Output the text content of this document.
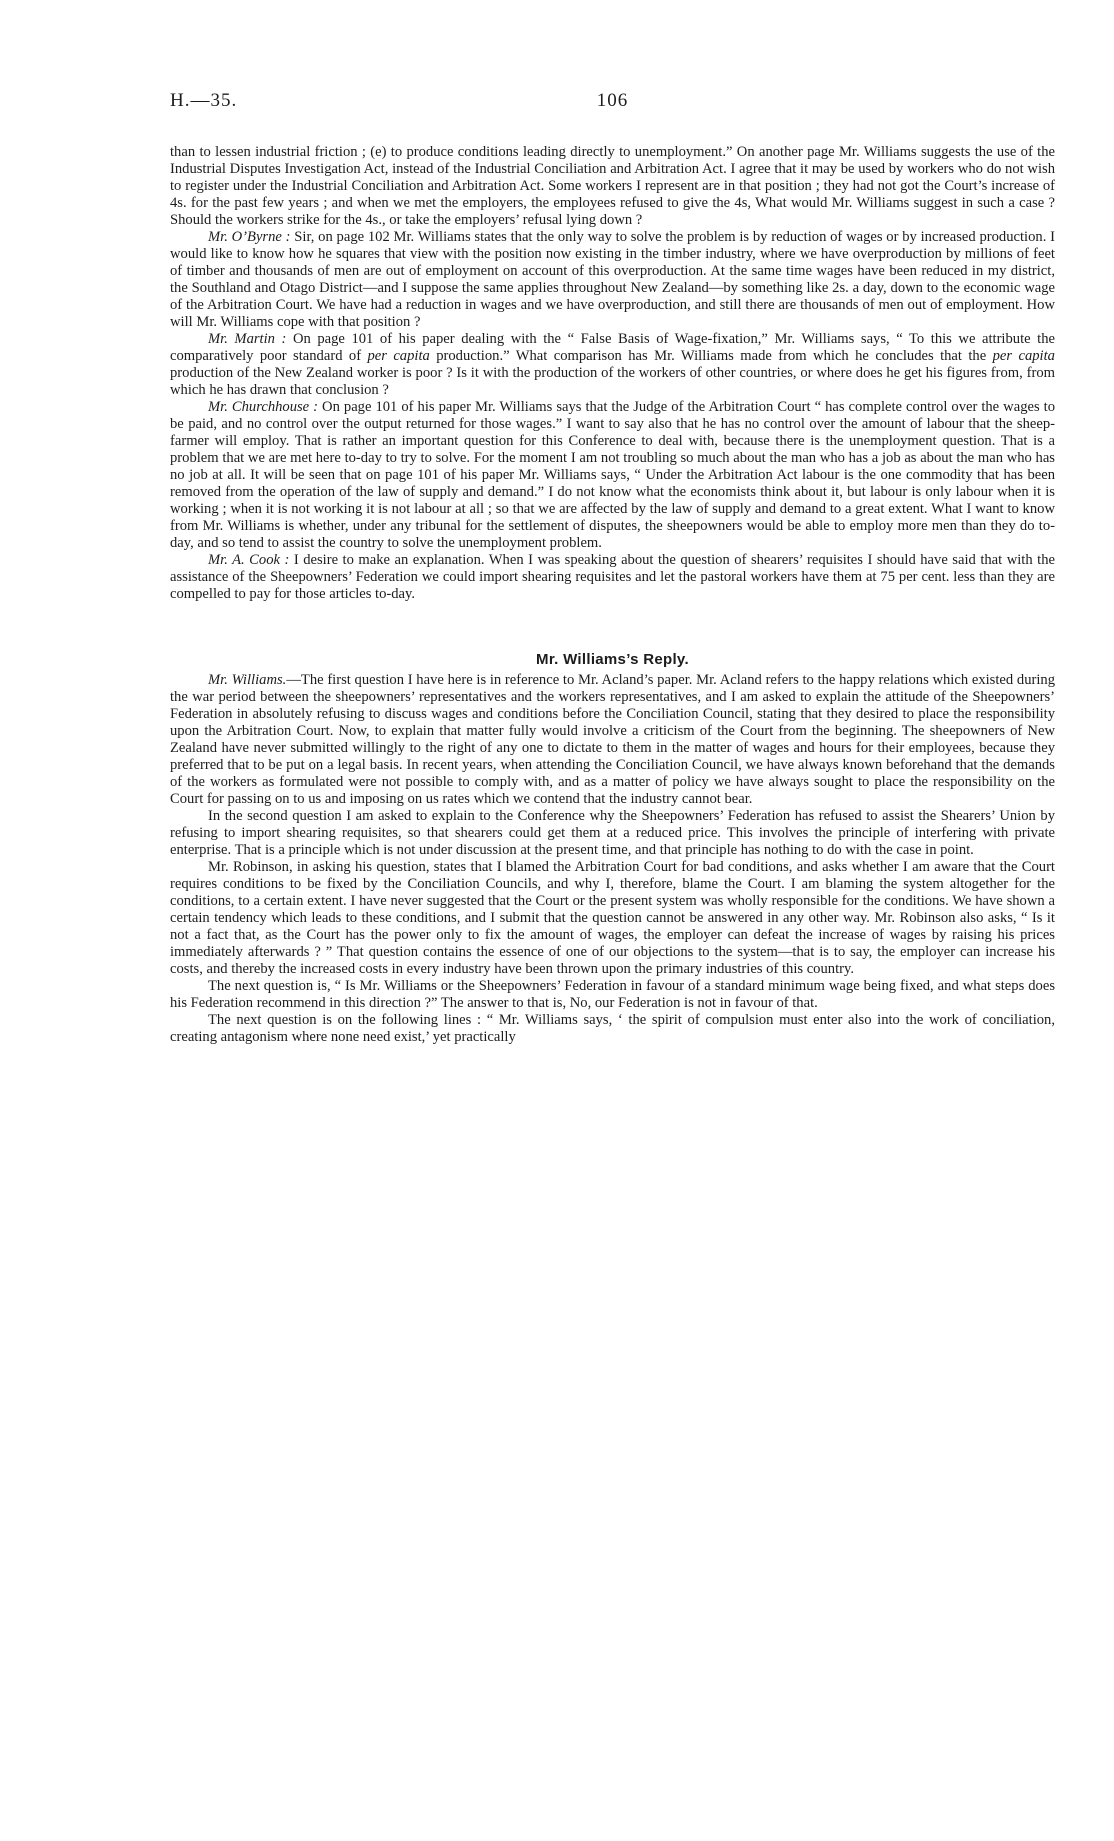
H.—35.	106

than to lessen industrial friction ; (e) to produce conditions leading directly to unemployment.” On another page Mr. Williams suggests the use of the Industrial Disputes Investigation Act, instead of the Industrial Conciliation and Arbitration Act. I agree that it may be used by workers who do not wish to register under the Industrial Conciliation and Arbitration Act. Some workers I represent are in that position ; they had not got the Court’s increase of 4s. for the past few years ; and when we met the employers, the employees refused to give the 4s, What would Mr. Williams suggest in such a case ? Should the workers strike for the 4s., or take the employers’ refusal lying down ?

Mr. O’Byrne : Sir, on page 102 Mr. Williams states that the only way to solve the problem is by reduction of wages or by increased production. I would like to know how he squares that view with the position now existing in the timber industry, where we have overproduction by millions of feet of timber and thousands of men are out of employment on account of this overproduction. At the same time wages have been reduced in my district, the Southland and Otago District—and I suppose the same applies throughout New Zealand—by something like 2s. a day, down to the economic wage of the Arbitration Court. We have had a reduction in wages and we have overproduction, and still there are thousands of men out of employment. How will Mr. Williams cope with that position ?

Mr. Martin : On page 101 of his paper dealing with the “ False Basis of Wage-fixation,” Mr. Williams says, “ To this we attribute the comparatively poor standard of per capita production.” What comparison has Mr. Williams made from which he concludes that the per capita production of the New Zealand worker is poor ? Is it with the production of the workers of other countries, or where does he get his figures from, from which he has drawn that conclusion ?

Mr. Churchhouse : On page 101 of his paper Mr. Williams says that the Judge of the Arbitration Court “ has complete control over the wages to be paid, and no control over the output returned for those wages.” I want to say also that he has no control over the amount of labour that the sheep-farmer will employ. That is rather an important question for this Conference to deal with, because there is the unemployment question. That is a problem that we are met here to-day to try to solve. For the moment I am not troubling so much about the man who has a job as about the man who has no job at all. It will be seen that on page 101 of his paper Mr. Williams says, “ Under the Arbitration Act labour is the one commodity that has been removed from the operation of the law of supply and demand.” I do not know what the economists think about it, but labour is only labour when it is working ; when it is not working it is not labour at all ; so that we are affected by the law of supply and demand to a great extent. What I want to know from Mr. Williams is whether, under any tribunal for the settlement of disputes, the sheepowners would be able to employ more men than they do to-day, and so tend to assist the country to solve the unemployment problem.

Mr. A. Cook : I desire to make an explanation. When I was speaking about the question of shearers’ requisites I should have said that with the assistance of the Sheepowners’ Federation we could import shearing requisites and let the pastoral workers have them at 75 per cent. less than they are compelled to pay for those articles to-day.

Mr. Williams’s Reply.

Mr. Williams.—The first question I have here is in reference to Mr. Acland’s paper. Mr. Acland refers to the happy relations which existed during the war period between the sheepowners’ representatives and the workers representatives, and I am asked to explain the attitude of the Sheepowners’ Federation in absolutely refusing to discuss wages and conditions before the Conciliation Council, stating that they desired to place the responsibility upon the Arbitration Court. Now, to explain that matter fully would involve a criticism of the Court from the beginning. The sheepowners of New Zealand have never submitted willingly to the right of any one to dictate to them in the matter of wages and hours for their employees, because they preferred that to be put on a legal basis. In recent years, when attending the Conciliation Council, we have always known beforehand that the demands of the workers as formulated were not possible to comply with, and as a matter of policy we have always sought to place the responsibility on the Court for passing on to us and imposing on us rates which we contend that the industry cannot bear.

In the second question I am asked to explain to the Conference why the Sheepowners’ Federation has refused to assist the Shearers’ Union by refusing to import shearing requisites, so that shearers could get them at a reduced price. This involves the principle of interfering with private enterprise. That is a principle which is not under discussion at the present time, and that principle has nothing to do with the case in point.

Mr. Robinson, in asking his question, states that I blamed the Arbitration Court for bad conditions, and asks whether I am aware that the Court requires conditions to be fixed by the Conciliation Councils, and why I, therefore, blame the Court. I am blaming the system altogether for the conditions, to a certain extent. I have never suggested that the Court or the present system was wholly responsible for the conditions. We have shown a certain tendency which leads to these conditions, and I submit that the question cannot be answered in any other way. Mr. Robinson also asks, “ Is it not a fact that, as the Court has the power only to fix the amount of wages, the employer can defeat the increase of wages by raising his prices immediately afterwards ? ” That question contains the essence of one of our objections to the system—that is to say, the employer can increase his costs, and thereby the increased costs in every industry have been thrown upon the primary industries of this country.

The next question is, “ Is Mr. Williams or the Sheepowners’ Federation in favour of a standard minimum wage being fixed, and what steps does his Federation recommend in this direction ?” The answer to that is, No, our Federation is not in favour of that.

The next question is on the following lines : “ Mr. Williams says, ‘ the spirit of compulsion must enter also into the work of conciliation, creating antagonism where none need exist,’ yet practically
